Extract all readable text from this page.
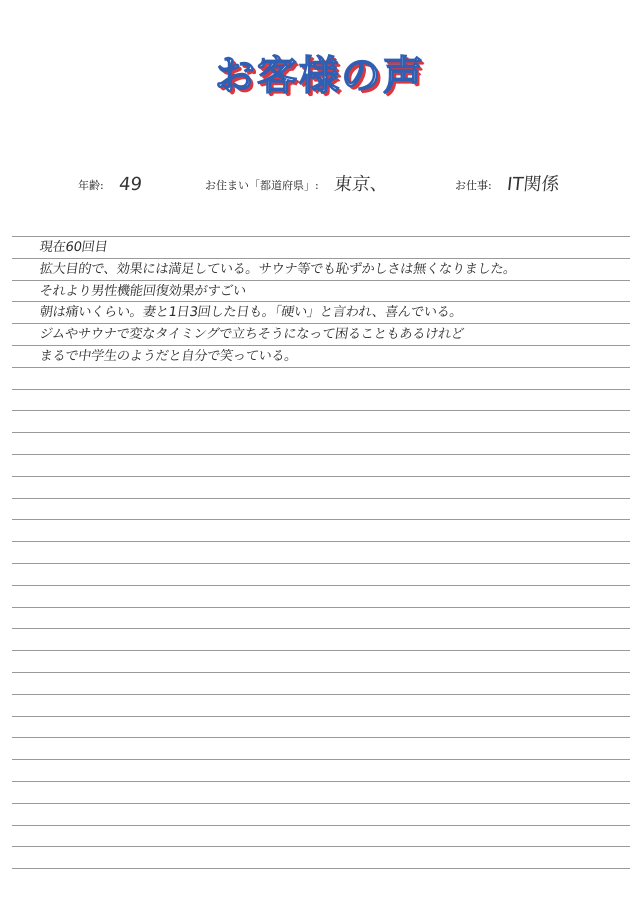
お客様の声
年齢: 49	お住まい「都道府県」: 東京、	お仕事: IT関係
現在60回目
拡大目的で、効果には満足している。サウナ等でも恥ずかしさは無くなりました。
それより男性機能回復効果がすごい
朝は痛いくらい。妻と1日3回した日も。「硬い」と言われ、喜んでいる。
ジムやサウナで変なタイミングで立ちそうになって困ることもあるけれど
まるで中学生のようだと自分で笑っている。
